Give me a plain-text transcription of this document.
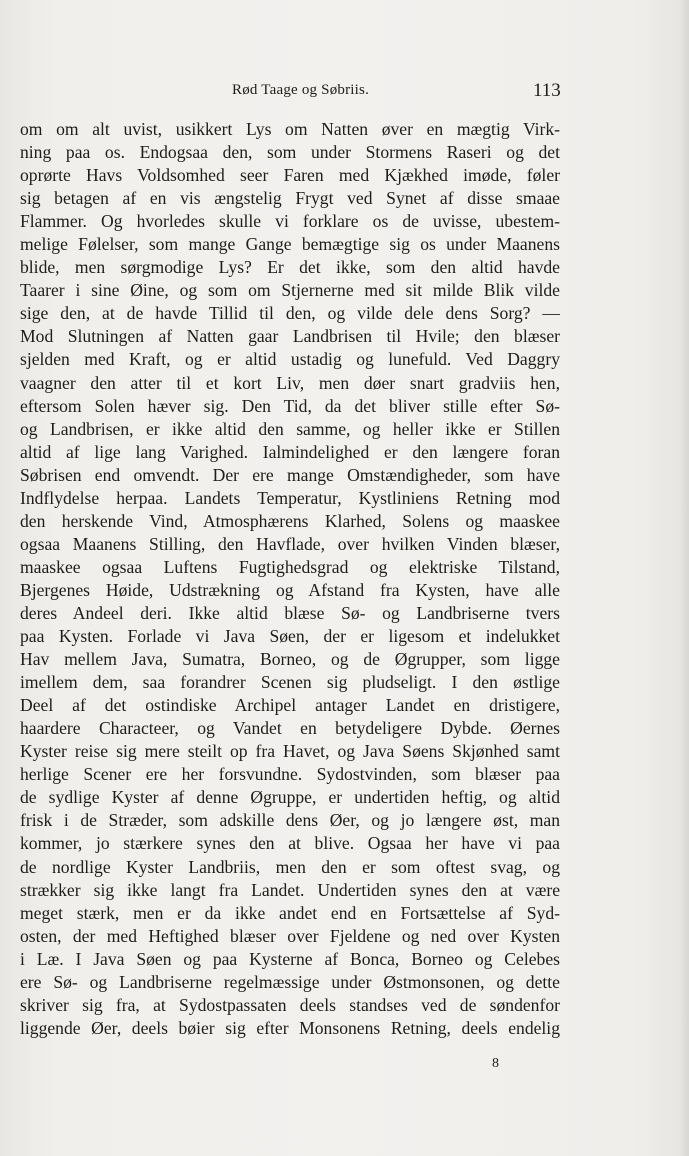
Rød Taage og Søbriis.	113
om om alt uvist, usikkert Lys om Natten øver en mægtig Virk-
ning paa os. Endogsaa den, som under Stormens Raseri og det
oprørte Havs Voldsomhed seer Faren med Kjækhed imøde, føler
sig betagen af en vis ængstelig Frygt ved Synet af disse smaae
Flammer. Og hvorledes skulle vi forklare os de uvisse, ubestem-
melige Følelser, som mange Gange bemægtige sig os under Maanens
blide, men sørgmodige Lys? Er det ikke, som den altid havde
Taarer i sine Øine, og som om Stjernerne med sit milde Blik vilde
sige den, at de havde Tillid til den, og vilde dele dens Sorg? —
Mod Slutningen af Natten gaar Landbrisen til Hvile; den blæser
sjelden med Kraft, og er altid ustadig og lunefuld. Ved Daggry
vaagner den atter til et kort Liv, men døer snart gradviis hen,
eftersom Solen hæver sig. Den Tid, da det bliver stille efter Sø-
og Landbrisen, er ikke altid den samme, og heller ikke er Stillen
altid af lige lang Varighed. Ialmindelighed er den længere foran
Søbrisen end omvendt. Der ere mange Omstændigheder, som have
Indflydelse herpaa. Landets Temperatur, Kystliniens Retning mod
den herskende Vind, Atmosphærens Klarhed, Solens og maaskee
ogsaa Maanens Stilling, den Havflade, over hvilken Vinden blæser,
maaskee ogsaa Luftens Fugtighedsgrad og elektriske Tilstand,
Bjergenes Høide, Udstrækning og Afstand fra Kysten, have alle
deres Andeel deri. Ikke altid blæse Sø- og Landbriserne tvers
paa Kysten. Forlade vi Java Søen, der er ligesom et indelukket
Hav mellem Java, Sumatra, Borneo, og de Øgrupper, som ligge
imellem dem, saa forandrer Scenen sig pludseligt. I den østlige
Deel af det ostindiske Archipel antager Landet en dristigere,
haardere Characteer, og Vandet en betydeligere Dybde. Øernes
Kyster reise sig mere steilt op fra Havet, og Java Søens Skjønhed samt
herlige Scener ere her forsvundne. Sydostvinden, som blæser paa
de sydlige Kyster af denne Øgruppe, er undertiden heftig, og altid
frisk i de Stræder, som adskille dens Øer, og jo længere øst, man
kommer, jo stærkere synes den at blive. Ogsaa her have vi paa
de nordlige Kyster Landbriis, men den er som oftest svag, og
strækker sig ikke langt fra Landet. Undertiden synes den at være
meget stærk, men er da ikke andet end en Fortsættelse af Syd-
osten, der med Heftighed blæser over Fjeldene og ned over Kysten
i Læ. I Java Søen og paa Kysterne af Bonca, Borneo og Celebes
ere Sø- og Landbriserne regelmæssige under Østmonsonen, og dette
skriver sig fra, at Sydostpassaten deels standses ved de søndenfor
liggende Øer, deels bøier sig efter Monsonens Retning, deels endelig
8
